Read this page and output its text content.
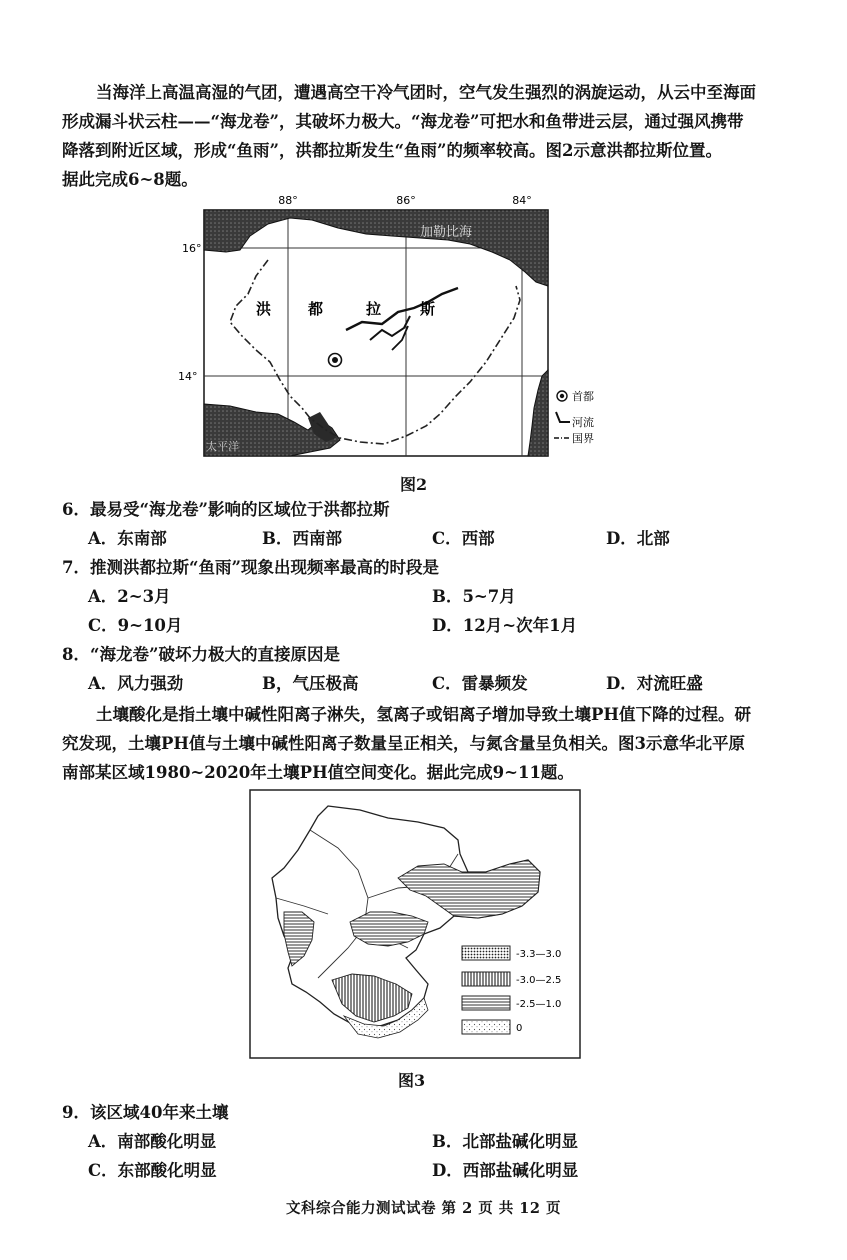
当海洋上高温高湿的气团，遭遇高空干冷气团时，空气发生强烈的涡旋运动，从云中至海面

形成漏斗状云柱——“海龙卷”，其破坏力极大。“海龙卷”可把水和鱼带进云层，通过强风携带

降落到附近区域，形成“鱼雨”，洪都拉斯发生“鱼雨”的频率较高。图2示意洪都拉斯位置。

据此完成6~8题。

88°	86°	84°
16°
14°
加勒比海
洪 都	拉	斯
太平洋
首都
河流
国界
图2
6．最易受“海龙卷”影响的区域位于洪都拉斯
A．东南部	B．西南部	C．西部	D．北部
7．推测洪都拉斯“鱼雨”现象出现频率最高的时段是
A．2~3月	B．5~7月
C．9~10月	D．12月~次年1月
8．“海龙卷”破坏力极大的直接原因是
A．风力强劲	B，气压极高	C．雷暴频发	D．对流旺盛

土壤酸化是指土壤中碱性阳离子淋失，氢离子或铝离子增加导致土壤PH值下降的过程。研

究发现，土壤PH值与土壤中碱性阳离子数量呈正相关，与氮含量呈负相关。图3示意华北平原

南部某区域1980~2020年土壤PH值空间变化。据此完成9~11题。

-3.3—3.0
-3.0—2.5
-2.5—1.0
0
图3
9．该区域40年来土壤
A．南部酸化明显	B．北部盐碱化明显
C．东部酸化明显	D．西部盐碱化明显
文科综合能力测试试卷 第 2 页 共 12 页
